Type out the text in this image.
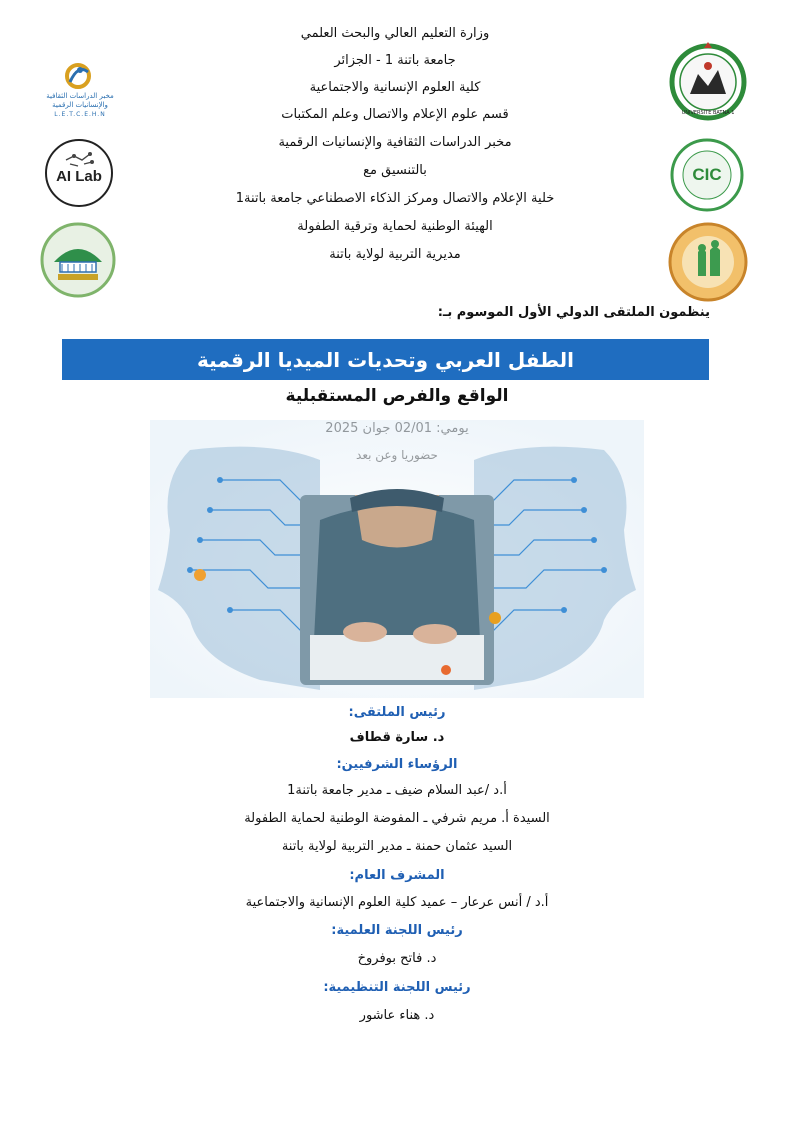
وزارة التعليم العالي والبحث العلمي
جامعة باتنة 1 - الجزائر
كلية العلوم الإنسانية والاجتماعية
قسم علوم الإعلام والاتصال وعلم المكتبات
مخبر الدراسات الثقافية والإنسانيات الرقمية
بالتنسيق مع
خلية الإعلام والاتصال ومركز الذكاء الاصطناعي جامعة باتنة1
الهيئة الوطنية لحماية وترقية الطفولة
مديرية التربية لولاية باتنة
مخبر الدراسات الثقافية
والإنسانيات الرقمية
L.E.T.C.E.H.N
AI Lab
UNIVERSITE BATNA 1
CIC
ينظمون الملتقى الدولي الأول الموسوم بـ:
الطفل العربي وتحديات الميديا الرقمية
الواقع والفرص المستقبلية
رئيس الملتقى:
د. سارة قطاف
الرؤساء الشرفيين:
أ.د /عبد السلام ضيف ـ مدير جامعة باتنة1
السيدة أ. مريم شرفي ـ المفوضة الوطنية لحماية الطفولة
السيد عثمان حمنة ـ مدير التربية لولاية باتنة
المشرف العام:
أ.د / أنس عرعار – عميد كلية العلوم الإنسانية والاجتماعية
رئيس اللجنة العلمية:
د. فاتح بوفروخ
رئيس اللجنة التنظيمية:
د. هناء عاشور
